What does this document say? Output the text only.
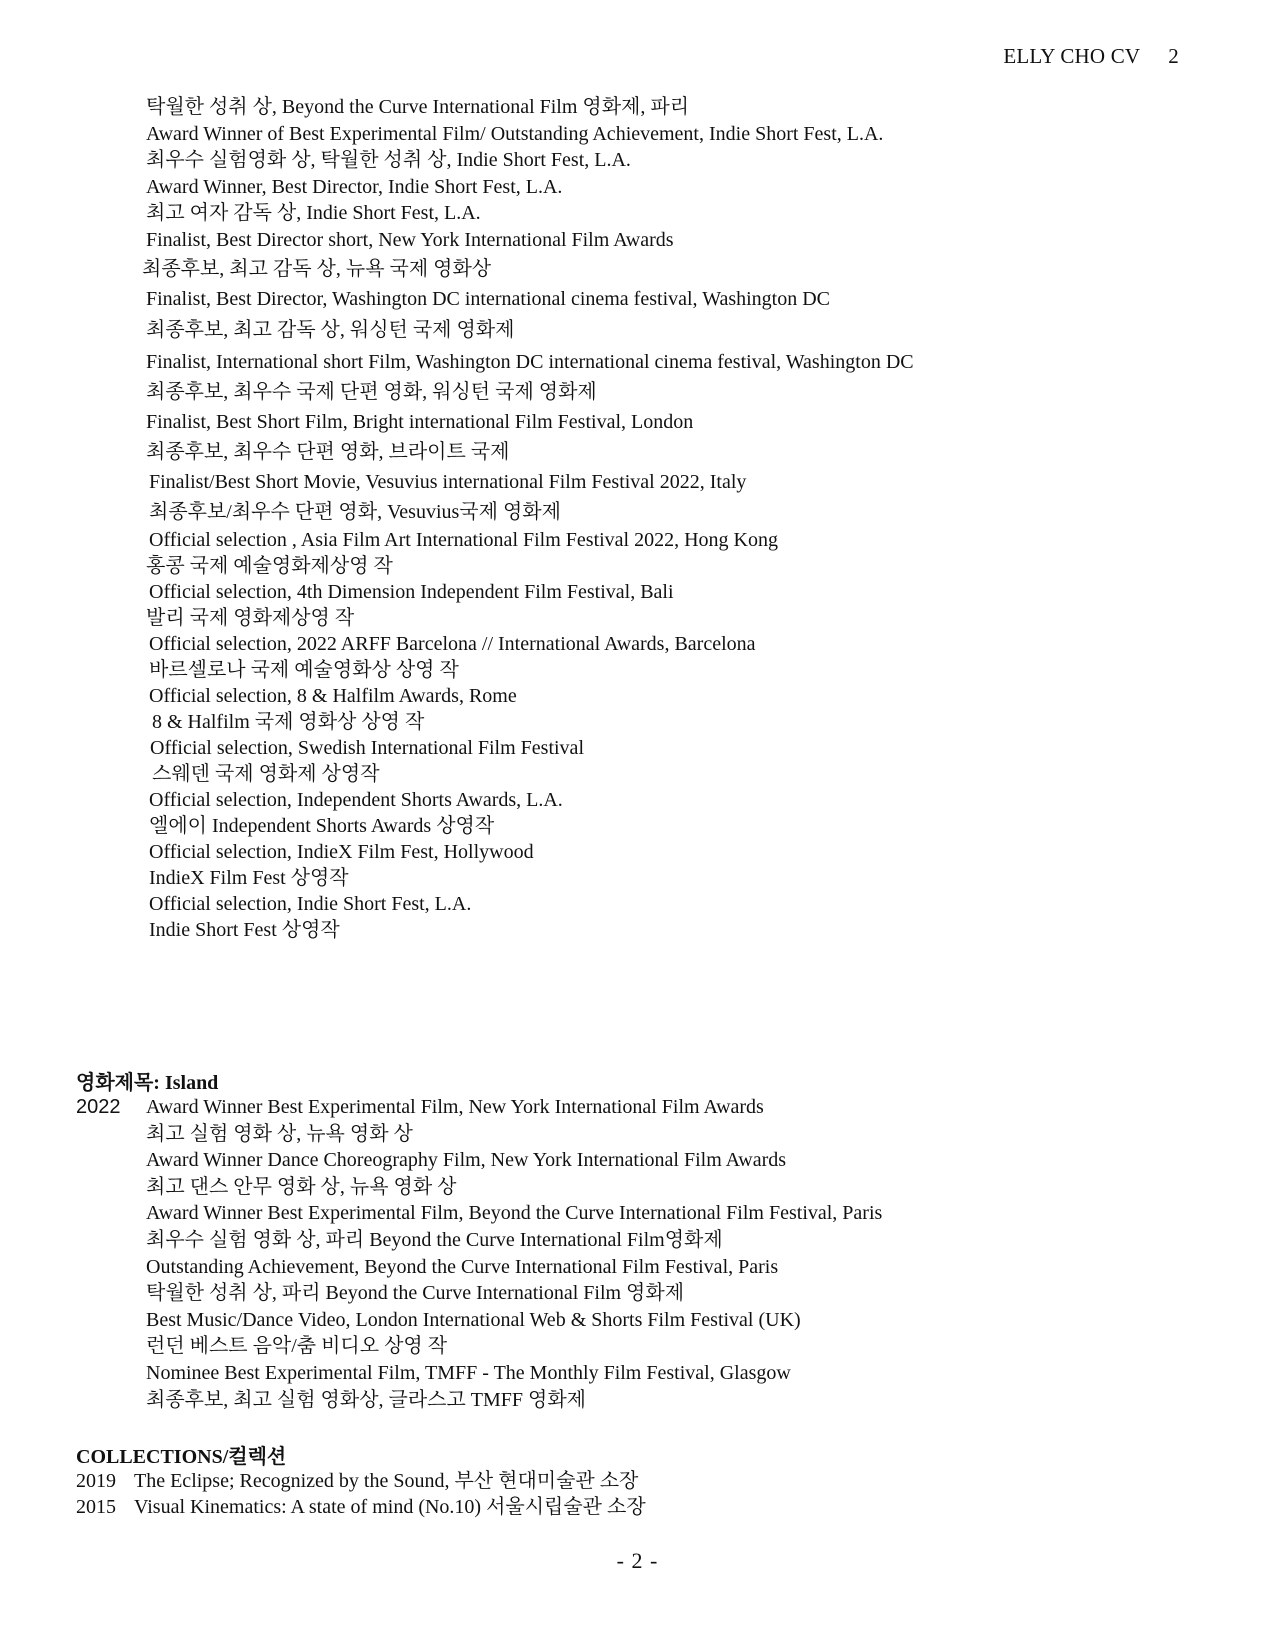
ELLY CHO CV 2
탁월한 성취 상, Beyond the Curve International Film 영화제, 파리
Award Winner of Best Experimental Film/ Outstanding Achievement, Indie Short Fest, L.A.
최우수 실험영화 상, 탁월한 성취 상, Indie Short Fest, L.A.
Award Winner, Best Director, Indie Short Fest, L.A.
최고 여자 감독 상, Indie Short Fest, L.A.
Finalist, Best Director short, New York International Film Awards
최종후보, 최고 감독 상, 뉴욕 국제 영화상
Finalist, Best Director, Washington DC international cinema festival, Washington DC
최종후보, 최고 감독 상, 워싱턴 국제 영화제
Finalist, International short Film, Washington DC international cinema festival, Washington DC
최종후보, 최우수 국제 단편 영화, 워싱턴 국제 영화제
Finalist, Best Short Film, Bright international Film Festival, London
최종후보, 최우수 단편 영화, 브라이트 국제
Finalist/Best Short Movie, Vesuvius international Film Festival 2022, Italy
최종후보/최우수 단편 영화, Vesuvius국제 영화제
Official selection , Asia Film Art International Film Festival 2022, Hong Kong
홍콩 국제 예술영화제상영 작
Official selection, 4th Dimension Independent Film Festival, Bali
발리 국제 영화제상영 작
Official selection, 2022 ARFF Barcelona // International Awards, Barcelona
바르셀로나 국제 예술영화상 상영 작
Official selection, 8 & Halfilm Awards, Rome
8 & Halfilm 국제 영화상 상영 작
Official selection, Swedish International Film Festival
스웨덴 국제 영화제 상영작
Official selection, Independent Shorts Awards, L.A.
엘에이 Independent Shorts Awards 상영작
Official selection, IndieX Film Fest, Hollywood
IndieX Film Fest 상영작
Official selection, Indie Short Fest, L.A.
Indie Short Fest 상영작
영화제목: Island
2022 Award Winner Best Experimental Film, New York International Film Awards
최고 실험 영화 상, 뉴욕 영화 상
Award Winner Dance Choreography Film, New York International Film Awards
최고 댄스 안무 영화 상, 뉴욕 영화 상
Award Winner Best Experimental Film, Beyond the Curve International Film Festival, Paris
최우수 실험 영화 상, 파리 Beyond the Curve International Film영화제
Outstanding Achievement, Beyond the Curve International Film Festival, Paris
탁월한 성취 상, 파리 Beyond the Curve International Film 영화제
Best Music/Dance Video, London International Web & Shorts Film Festival (UK)
런던 베스트 음악/춤 비디오 상영 작
Nominee Best Experimental Film, TMFF - The Monthly Film Festival, Glasgow
최종후보, 최고 실험 영화상, 글라스고 TMFF 영화제
COLLECTIONS/컬렉션
2019 The Eclipse; Recognized by the Sound, 부산 현대미술관 소장
2015 Visual Kinematics: A state of mind (No.10) 서울시립술관 소장
- 2 -
